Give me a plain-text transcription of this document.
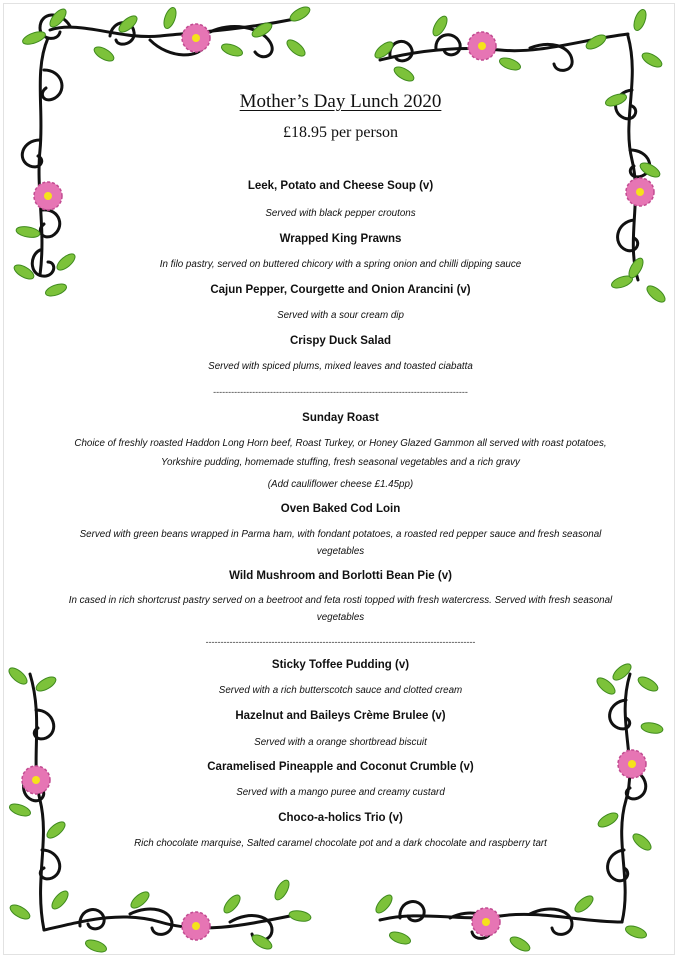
Mother’s Day Lunch 2020

£18.95 per person

Leek, Potato and Cheese Soup (v)

Served with black pepper croutons

Wrapped King Prawns

In filo pastry, served on buttered chicory with a spring onion and chilli dipping sauce

Cajun Pepper, Courgette and Onion Arancini (v)

Served with a sour cream dip

Crispy Duck Salad

Served with spiced plums, mixed leaves and toasted ciabatta

-------------------------------------------------------------------------------------

Sunday Roast

Choice of freshly roasted Haddon Long Horn beef, Roast Turkey, or Honey Glazed Gammon all served with roast potatoes,

Yorkshire pudding, homemade stuffing, fresh seasonal vegetables and a rich gravy

(Add cauliflower cheese £1.45pp)

Oven Baked Cod Loin

Served with green beans wrapped in Parma ham, with fondant potatoes, a roasted red pepper sauce and fresh seasonal

vegetables

Wild Mushroom and Borlotti Bean Pie (v)

In cased in rich shortcrust pastry served on a beetroot and feta rosti topped with fresh watercress. Served with fresh seasonal

vegetables

------------------------------------------------------------------------------------------

Sticky Toffee Pudding (v)

Served with a rich butterscotch sauce and clotted cream

Hazelnut and Baileys Crème Brulee (v)

Served with a orange shortbread biscuit

Caramelised Pineapple and Coconut Crumble (v)

Served with a mango puree and creamy custard

Choco-a-holics Trio (v)

Rich chocolate marquise, Salted caramel chocolate pot and a dark chocolate and raspberry tart
